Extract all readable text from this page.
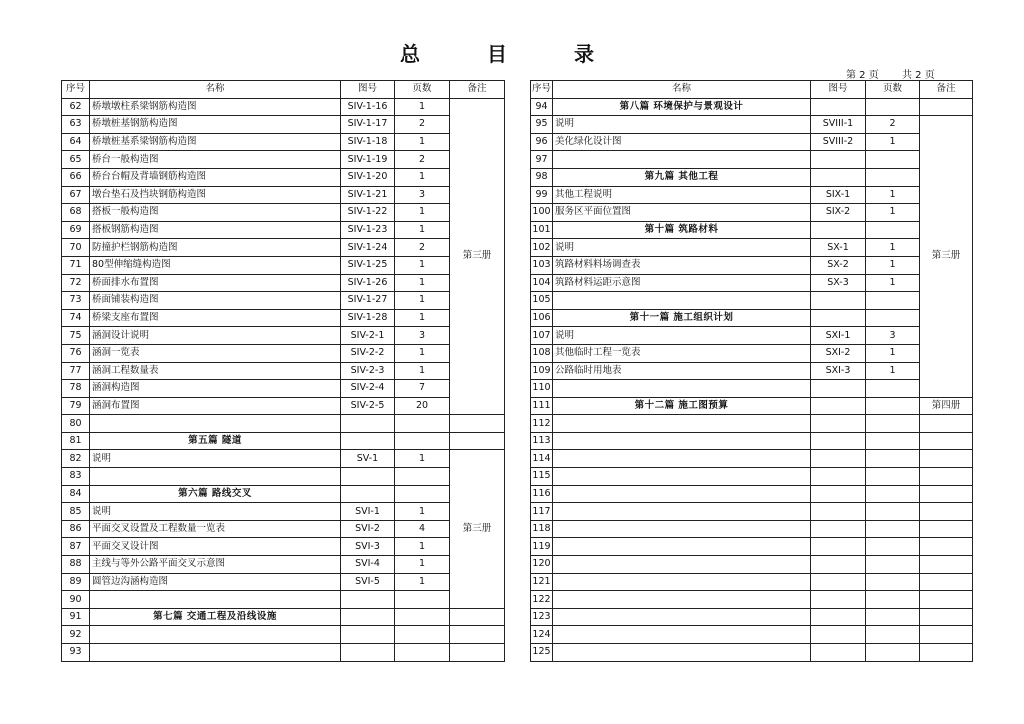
总 目 录
第 2 页 共 2 页
序号	名称	图号	页数	备注
62	桥墩墩柱系梁钢筋构造图	SIV-1-16	1	第三册
63	桥墩桩基钢筋构造图	SIV-1-17	2	
64	桥墩桩基系梁钢筋构造图	SIV-1-18	1	
65	桥台一般构造图	SIV-1-19	2	
66	桥台台帽及背墙钢筋构造图	SIV-1-20	1	
67	墩台垫石及挡块钢筋构造图	SIV-1-21	3	
68	搭板一般构造图	SIV-1-22	1	
69	搭板钢筋构造图	SIV-1-23	1	
70	防撞护栏钢筋构造图	SIV-1-24	2	
71	80型伸缩缝构造图	SIV-1-25	1	
72	桥面排水布置图	SIV-1-26	1	
73	桥面铺装构造图	SIV-1-27	1	
74	桥梁支座布置图	SIV-1-28	1	
75	涵洞设计说明	SIV-2-1	3	
76	涵洞一览表	SIV-2-2	1	
77	涵洞工程数量表	SIV-2-3	1	
78	涵洞构造图	SIV-2-4	7	
79	涵洞布置图	SIV-2-5	20	
80				
81	第五篇 隧道			
82	说明	SV-1	1	第三册
83				
84	第六篇 路线交叉			
85	说明	SVI-1	1	
86	平面交叉设置及工程数量一览表	SVI-2	4	
87	平面交叉设计图	SVI-3	1	
88	主线与等外公路平面交叉示意图	SVI-4	1	
89	圆管边沟涵构造图	SVI-5	1	
90				
91	第七篇 交通工程及沿线设施			
92				
93				
序号	名称	图号	页数	备注
94	第八篇 环境保护与景观设计			
95	说明	SVIII-1	2	第三册
96	美化绿化设计图	SVIII-2	1	
97				
98	第九篇 其他工程			
99	其他工程说明	SIX-1	1	
100	服务区平面位置图	SIX-2	1	
101	第十篇 筑路材料			
102	说明	SX-1	1	
103	筑路材料料场调查表	SX-2	1	
104	筑路材料运距示意图	SX-3	1	
105				
106	第十一篇 施工组织计划			
107	说明	SXI-1	3	
108	其他临时工程一览表	SXI-2	1	
109	公路临时用地表	SXI-3	1	
110				
111	第十二篇 施工图预算			第四册
112				
113				
114				
115				
116				
117				
118				
119				
120				
121				
122				
123				
124				
125				
